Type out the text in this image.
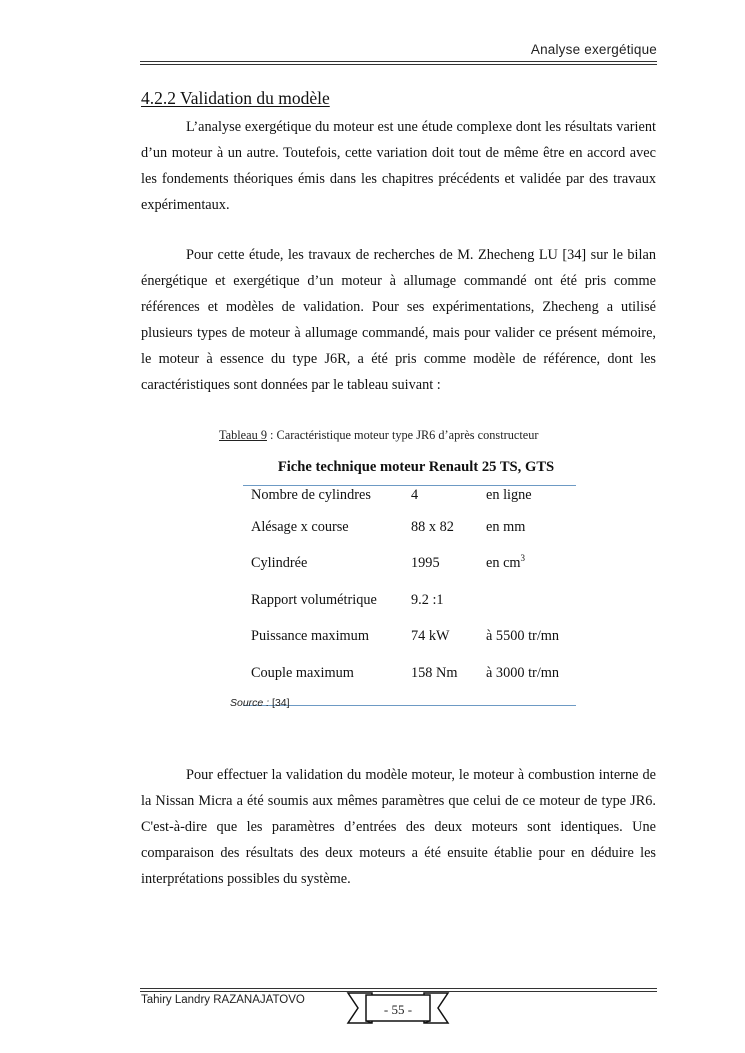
Analyse exergétique
4.2.2 Validation du modèle

L’analyse exergétique du moteur est une étude complexe dont les résultats varient d’un moteur à un autre. Toutefois, cette variation doit tout de même être en accord avec les fondements théoriques émis dans les chapitres précédents et validée par des travaux expérimentaux.

Pour cette étude, les travaux de recherches de M. Zhecheng LU [34] sur le bilan énergétique et exergétique d’un moteur à allumage commandé ont été pris comme références et modèles de validation. Pour ses expérimentations, Zhecheng a utilisé plusieurs types de moteur à allumage commandé, mais pour valider ce présent mémoire, le moteur à essence du type J6R, a été pris comme modèle de référence, dont les caractéristiques sont données par le tableau suivant :

Tableau 9 : Caractéristique moteur type JR6 d’après constructeur
Fiche technique moteur Renault 25 TS, GTS
Nombre de cylindres	4	en ligne
Alésage x course	88 x 82	en mm
Cylindrée	1995	en $cm^3$
Rapport volumétrique	9.2 :1	
Puissance maximum	74 kW	à 5500 tr/mn
Couple maximum	158 Nm	à 3000 tr/mn
Source : [34]

Pour effectuer la validation du modèle moteur, le moteur à combustion interne de la Nissan Micra a été soumis aux mêmes paramètres que celui de ce moteur de type JR6. C'est-à-dire que les paramètres d’entrées des deux moteurs sont identiques. Une comparaison des résultats des deux moteurs a été ensuite établie pour en déduire les interprétations possibles du système.

Tahiry Landry RAZANAJATOVO
- 55 -
